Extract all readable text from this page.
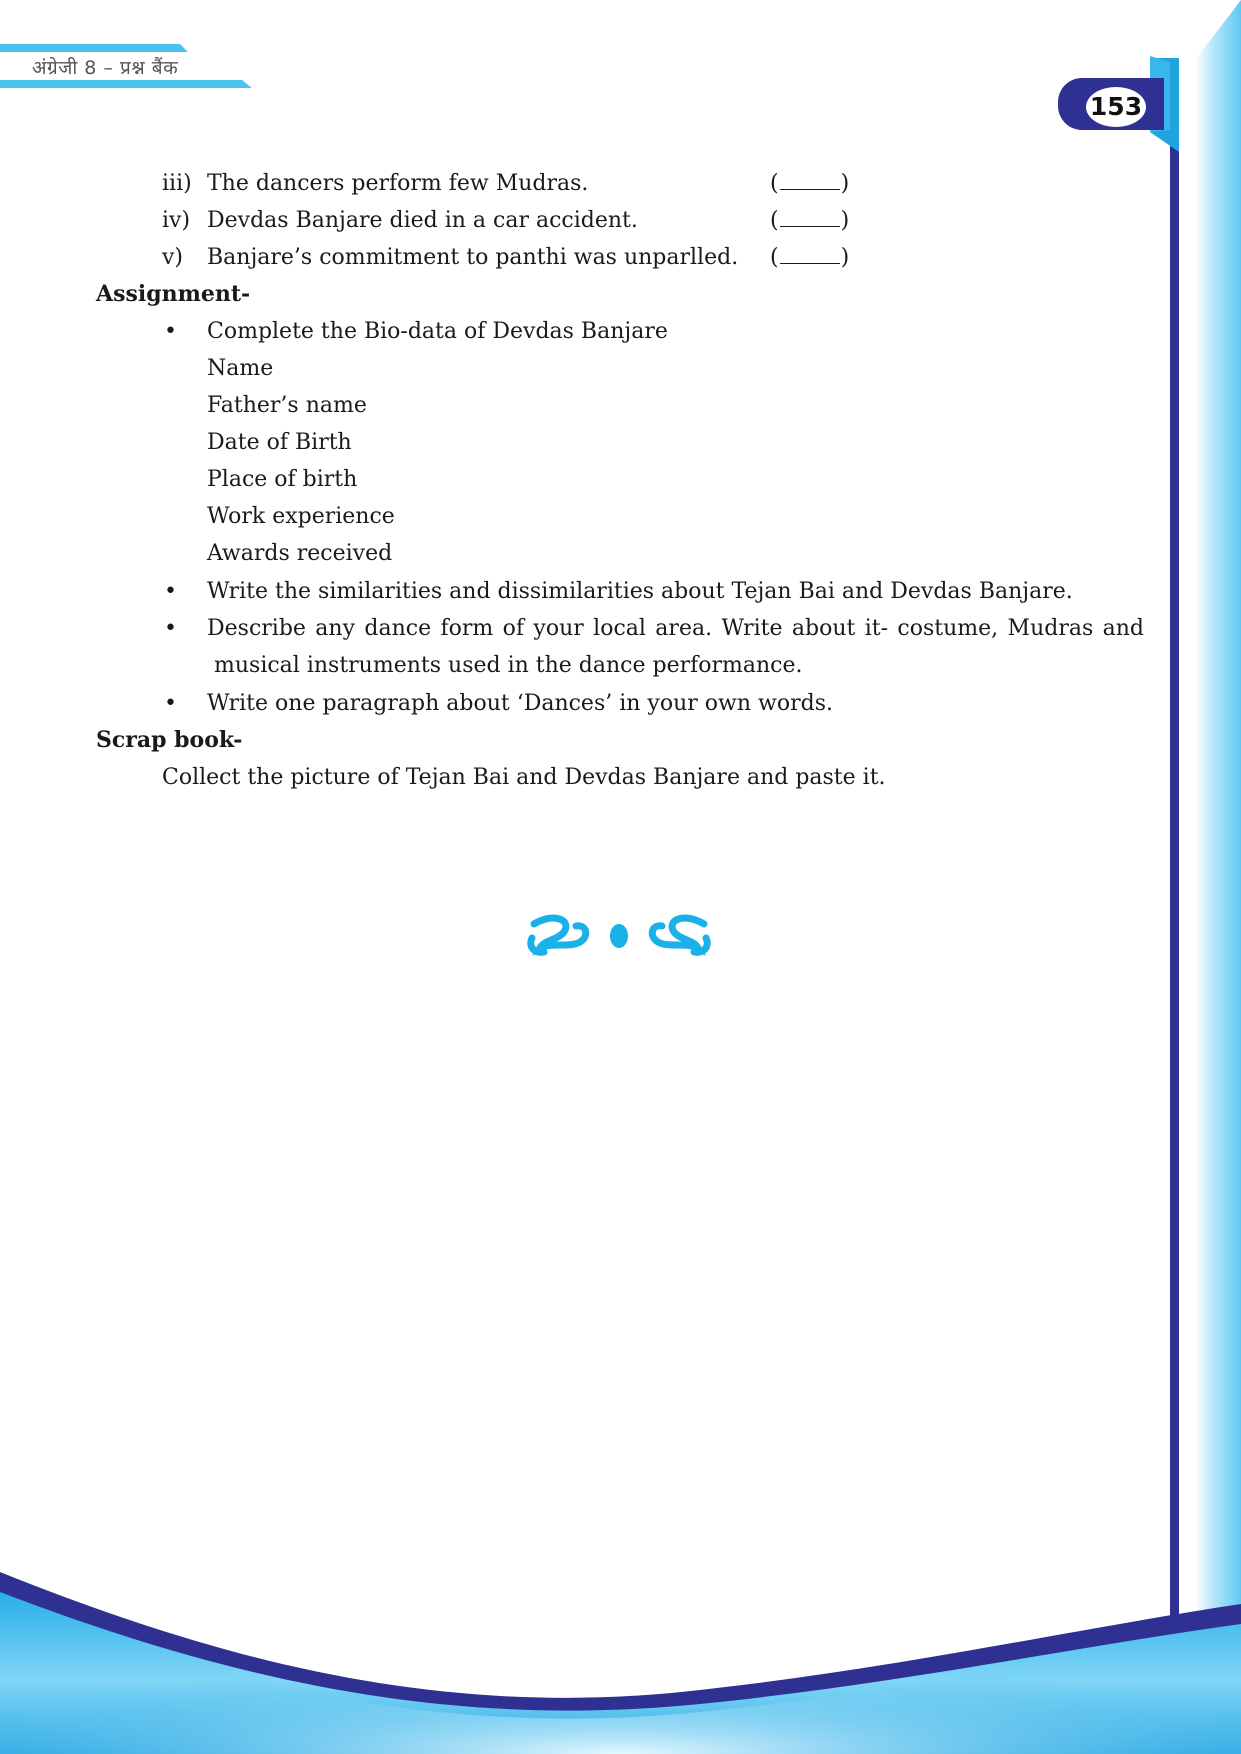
अंग्रेजी 8 – प्रश्न बैंक
153
iii) The dancers perform few Mudras.	(	)
iv) Devdas Banjare died in a car accident.	(	)
v) Banjare’s commitment to panthi was unparlled. (	)
Assignment-
• Complete the Bio-data of Devdas Banjare
Name
Father’s name
Date of Birth
Place of birth
Work experience
Awards received
• Write the similarities and dissimilarities about Tejan Bai and Devdas Banjare.
• Describe any dance form of your local area. Write about it- costume, Mudras and
musical instruments used in the dance performance.
• Write one paragraph about ‘Dances’ in your own words.
Scrap book-
Collect the picture of Tejan Bai and Devdas Banjare and paste it.
